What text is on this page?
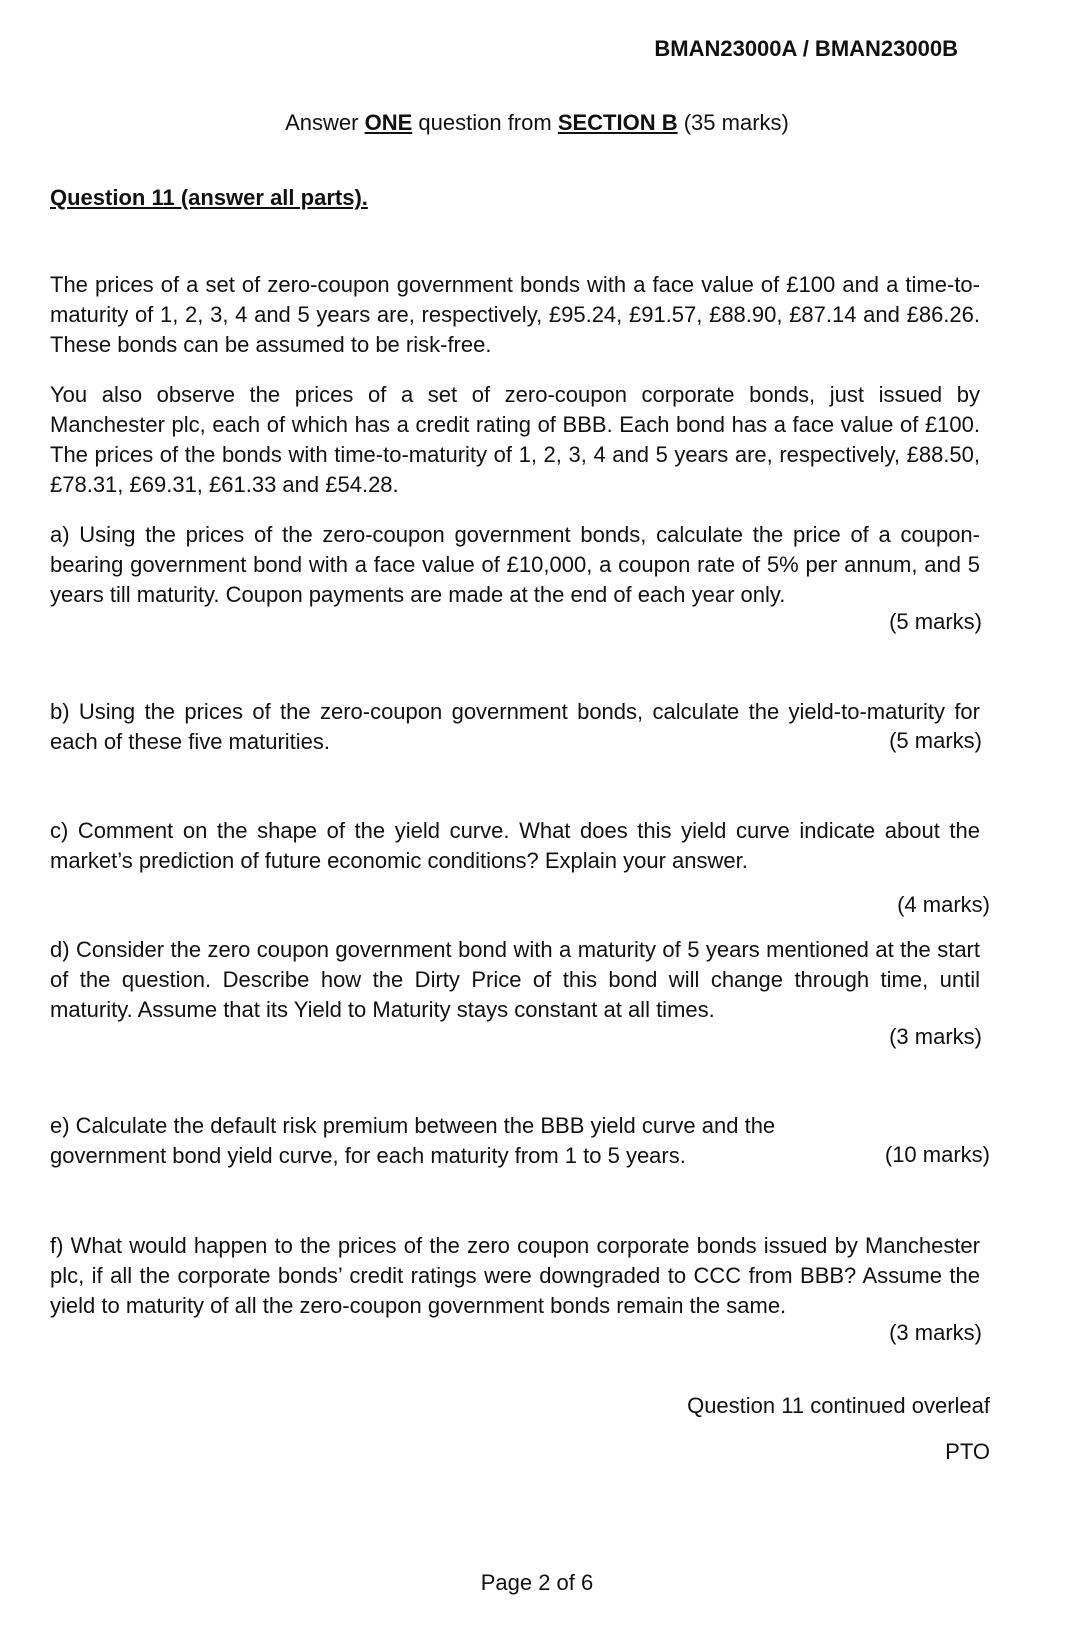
BMAN23000A / BMAN23000B
Answer ONE question from SECTION B (35 marks)
Question 11 (answer all parts).
The prices of a set of zero-coupon government bonds with a face value of £100 and a time-to-maturity of 1, 2, 3, 4 and 5 years are, respectively, £95.24, £91.57, £88.90, £87.14 and £86.26. These bonds can be assumed to be risk-free.
You also observe the prices of a set of zero-coupon corporate bonds, just issued by Manchester plc, each of which has a credit rating of BBB. Each bond has a face value of £100. The prices of the bonds with time-to-maturity of 1, 2, 3, 4 and 5 years are, respectively, £88.50, £78.31, £69.31, £61.33 and £54.28.
a) Using the prices of the zero-coupon government bonds, calculate the price of a coupon-bearing government bond with a face value of £10,000, a coupon rate of 5% per annum, and 5 years till maturity. Coupon payments are made at the end of each year only.
(5 marks)
b) Using the prices of the zero-coupon government bonds, calculate the yield-to-maturity for each of these five maturities.	(5 marks)
c) Comment on the shape of the yield curve. What does this yield curve indicate about the market’s prediction of future economic conditions? Explain your answer.
(4 marks)
d) Consider the zero coupon government bond with a maturity of 5 years mentioned at the start of the question. Describe how the Dirty Price of this bond will change through time, until maturity. Assume that its Yield to Maturity stays constant at all times.
(3 marks)
e) Calculate the default risk premium between the BBB yield curve and the government bond yield curve, for each maturity from 1 to 5 years.	(10 marks)
f) What would happen to the prices of the zero coupon corporate bonds issued by Manchester plc, if all the corporate bonds’ credit ratings were downgraded to CCC from BBB? Assume the yield to maturity of all the zero-coupon government bonds remain the same.
(3 marks)
Question 11 continued overleaf
PTO
Page 2 of 6
